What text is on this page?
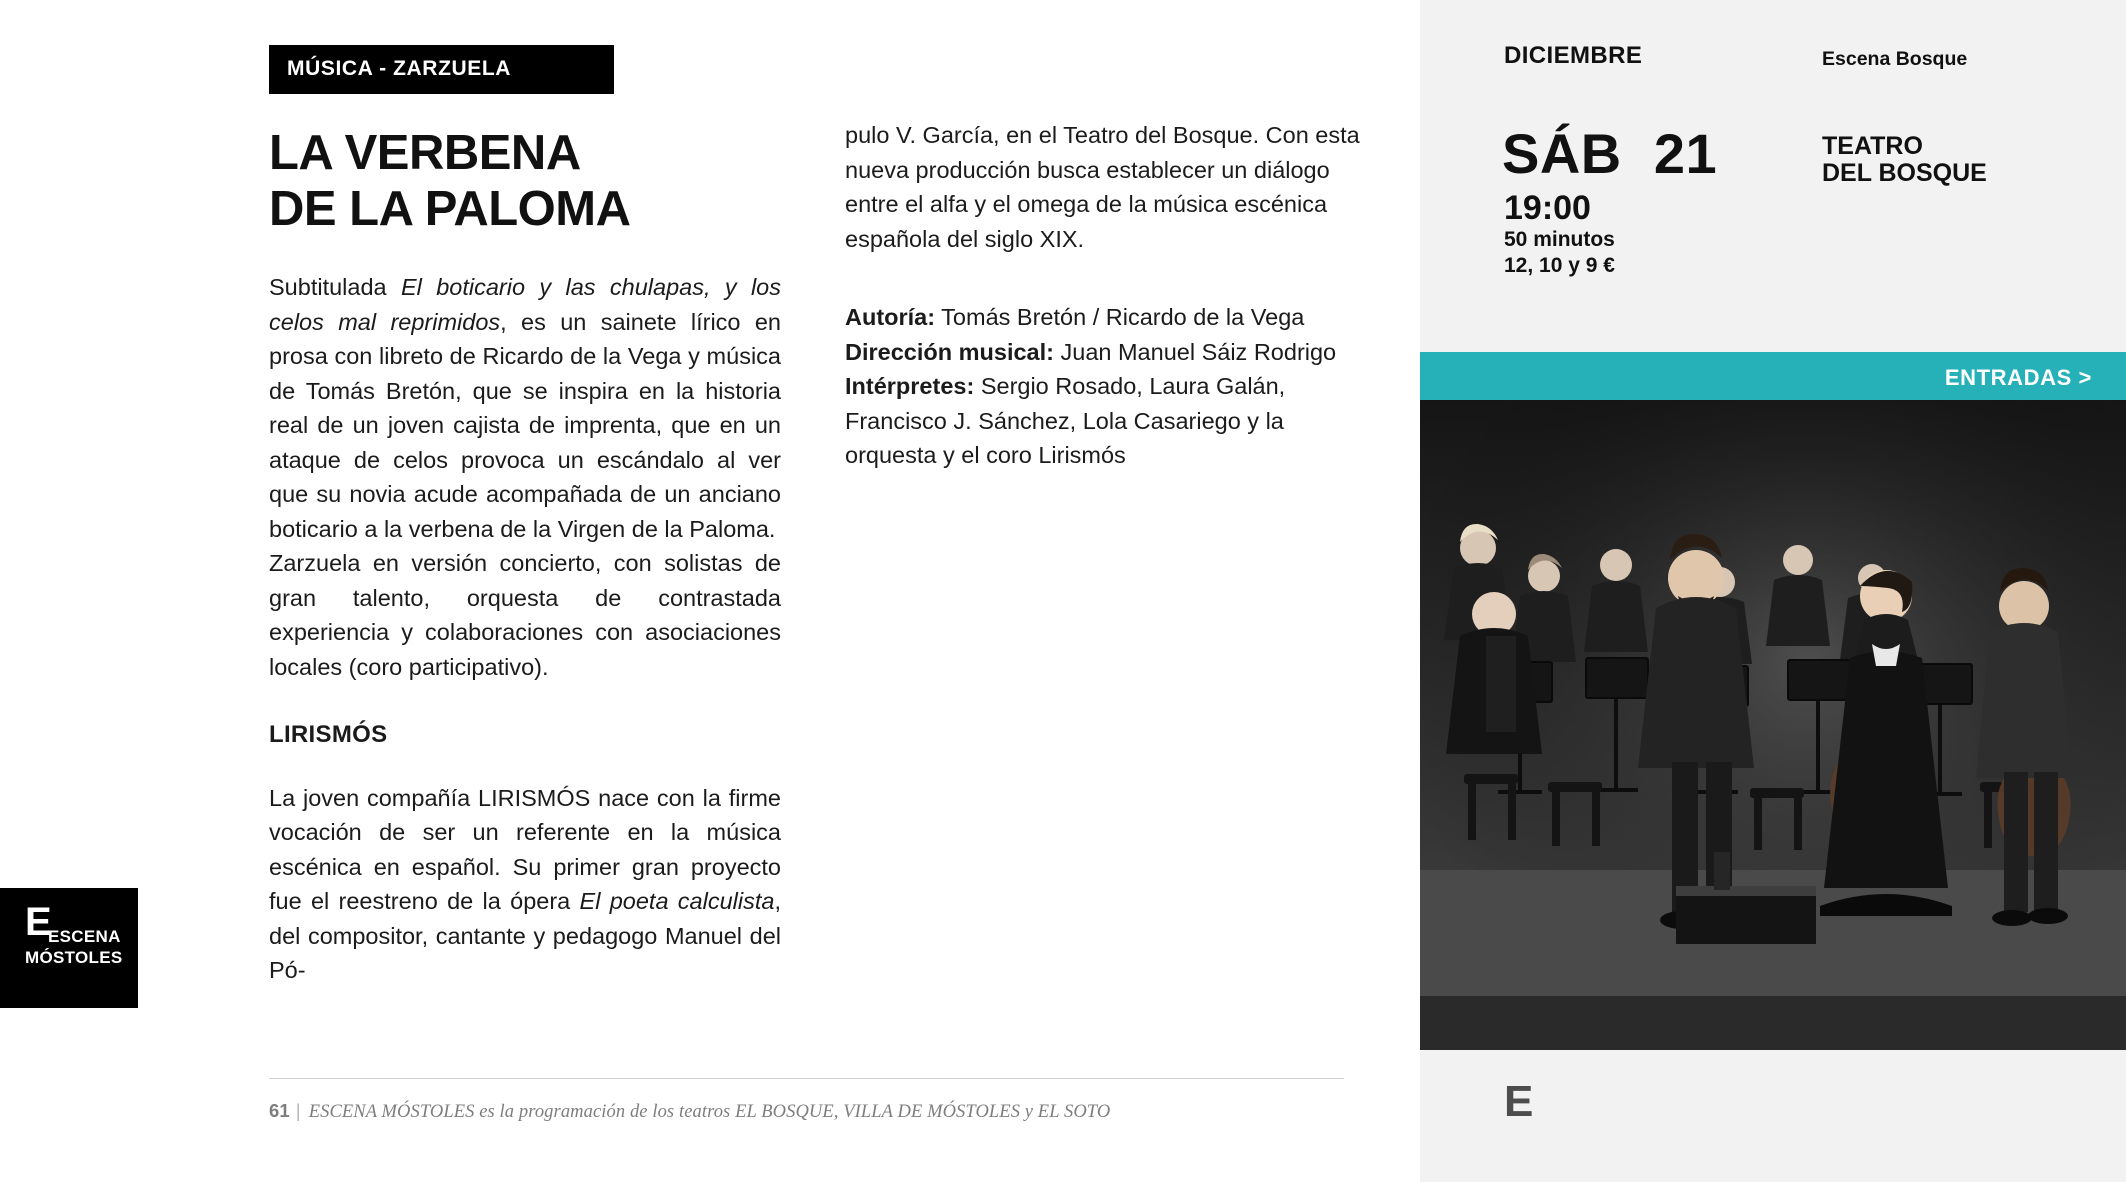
MÚSICA - ZARZUELA
LA VERBENA
DE LA PALOMA

Subtitulada El boticario y las chulapas, y los celos mal reprimidos, es un sainete lírico en prosa con libreto de Ricardo de la Vega y música de Tomás Bretón, que se inspira en la historia real de un joven cajista de imprenta, que en un ataque de celos provoca un escándalo al ver que su novia acude acompañada de un anciano boticario a la verbena de la Virgen de la Paloma.

Zarzuela en versión concierto, con solistas de gran talento, orquesta de contrastada experiencia y colaboraciones con asociaciones locales (coro participativo).

LIRISMÓS

La joven compañía LIRISMÓS nace con la firme vocación de ser un referente en la música escénica en español. Su primer gran proyecto fue el reestreno de la ópera El poeta calculista, del compositor, cantante y pedagogo Manuel del Pó-

pulo V. García, en el Teatro del Bosque. Con esta nueva producción busca establecer un diálogo entre el alfa y el omega de la música escénica española del siglo XIX.

Autoría: Tomás Bretón / Ricardo de la Vega

Dirección musical: Juan Manuel Sáiz Rodrigo

Intérpretes: Sergio Rosado, Laura Galán, Francisco J. Sánchez, Lola Casariego y la orquesta y el coro Lirismós

E
ESCENA
MÓSTOLES
61 | ESCENA MÓSTOLES es la programación de los teatros EL BOSQUE, VILLA DE MÓSTOLES y EL SOTO
DICIEMBRE	Escena Bosque
SÁB  21
19:00
50 minutos
12, 10 y 9 €
TEATRO
DEL BOSQUE
ENTRADAS >
E
